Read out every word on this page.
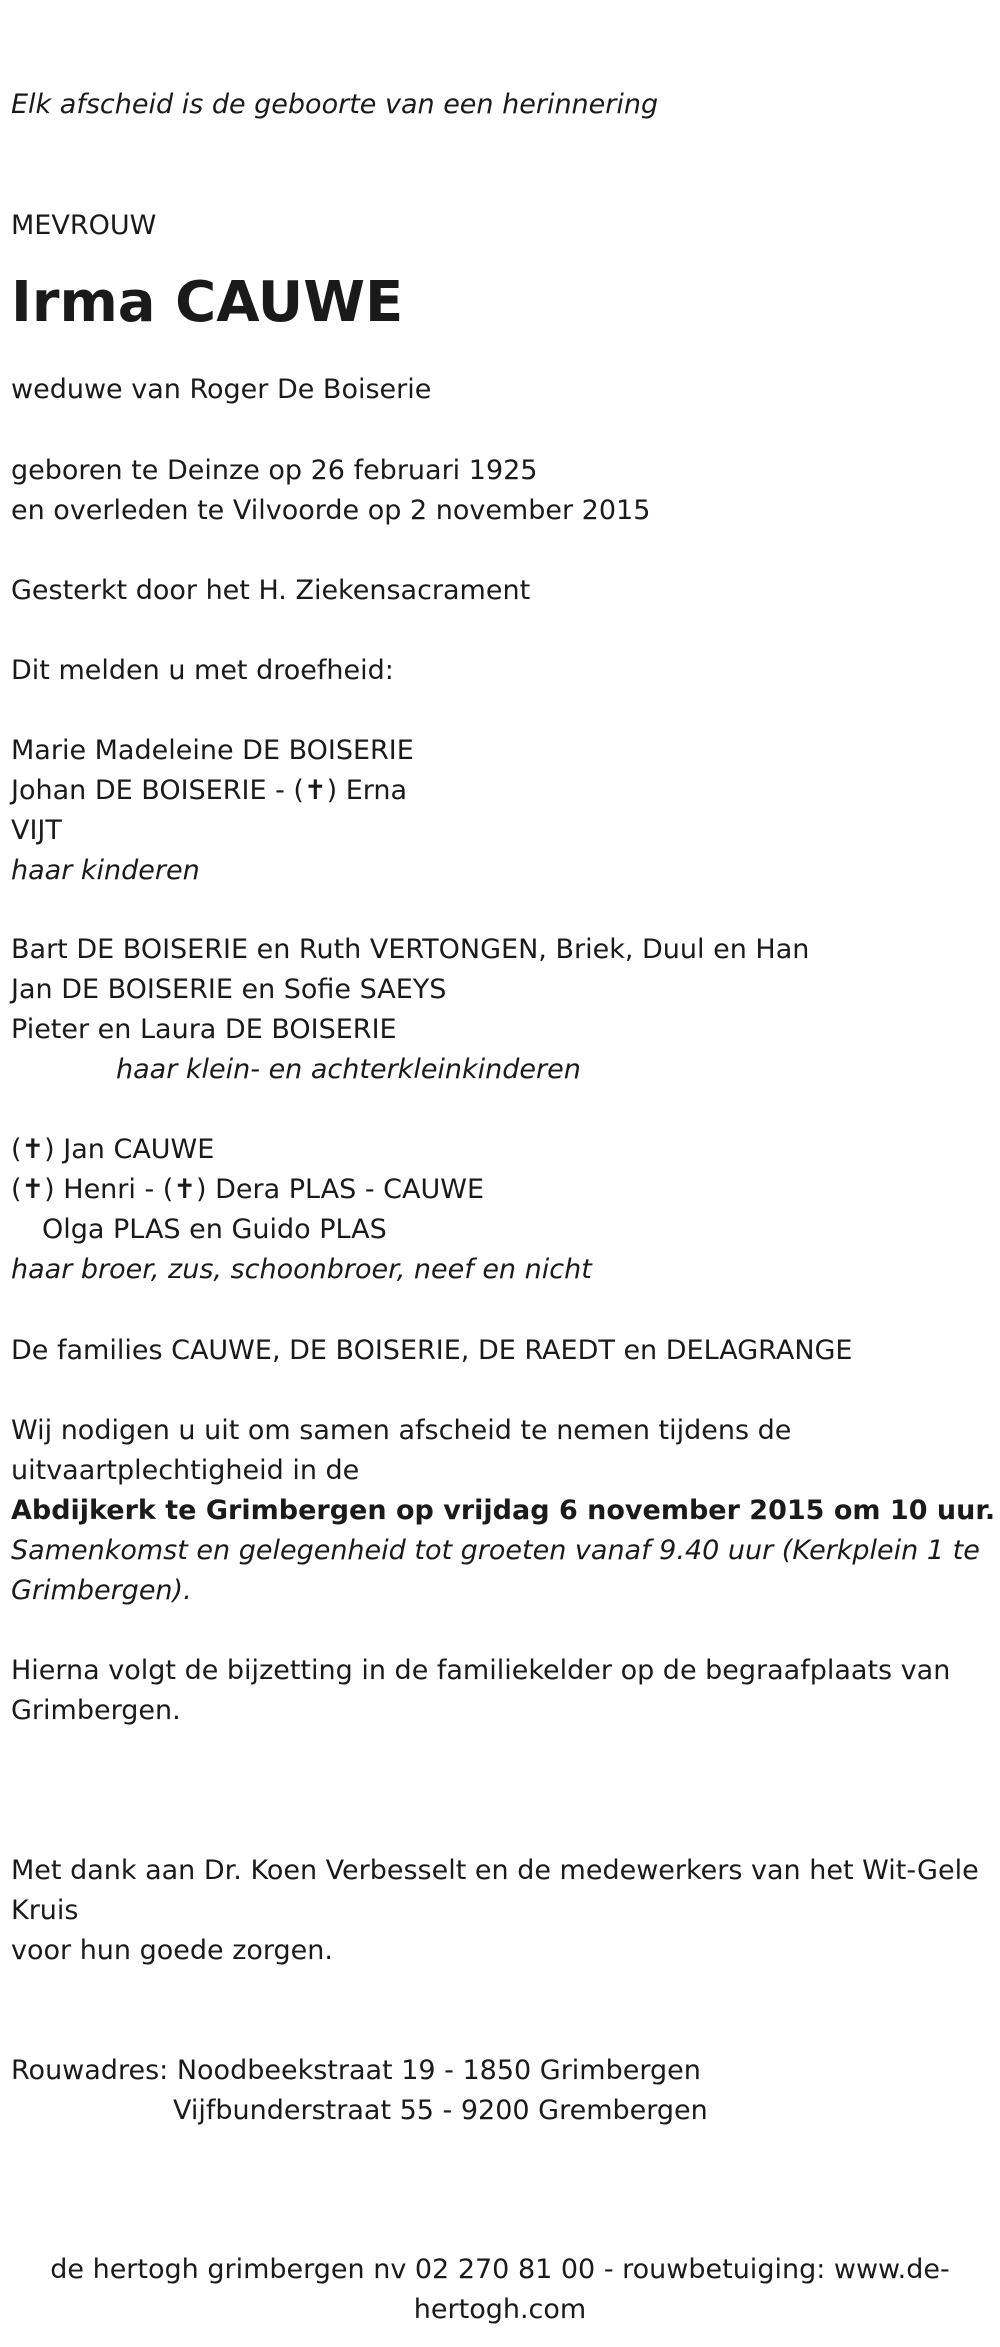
Elk afscheid is de geboorte van een herinnering

MEVROUW

Irma CAUWE

weduwe van Roger De Boiserie

geboren te Deinze op 26 februari 1925

en overleden te Vilvoorde op 2 november 2015

Gesterkt door het H. Ziekensacrament

Dit melden u met droefheid:

Marie Madeleine DE BOISERIE

Johan DE BOISERIE - (✝) Erna

VIJT

haar kinderen

Bart DE BOISERIE en Ruth VERTONGEN, Briek, Duul en Han

Jan DE BOISERIE en Sofie SAEYS

Pieter en Laura DE BOISERIE

haar klein- en achterkleinkinderen

(✝) Jan CAUWE

(✝) Henri - (✝) Dera PLAS - CAUWE

Olga PLAS en Guido PLAS

haar broer, zus, schoonbroer, neef en nicht

De families CAUWE, DE BOISERIE, DE RAEDT en DELAGRANGE

Wij nodigen u uit om samen afscheid te nemen tijdens de

uitvaartplechtigheid in de

Abdijkerk te Grimbergen op vrijdag 6 november 2015 om 10 uur.

Samenkomst en gelegenheid tot groeten vanaf 9.40 uur (Kerkplein 1 te

Grimbergen).

Hierna volgt de bijzetting in de familiekelder op de begraafplaats van

Grimbergen.

Met dank aan Dr. Koen Verbesselt en de medewerkers van het Wit-Gele

Kruis

voor hun goede zorgen.

Rouwadres: Noodbeekstraat 19 - 1850 Grimbergen

Vijfbunderstraat 55 - 9200 Grembergen

de hertogh grimbergen nv 02 270 81 00 - rouwbetuiging: www.de-

hertogh.com
